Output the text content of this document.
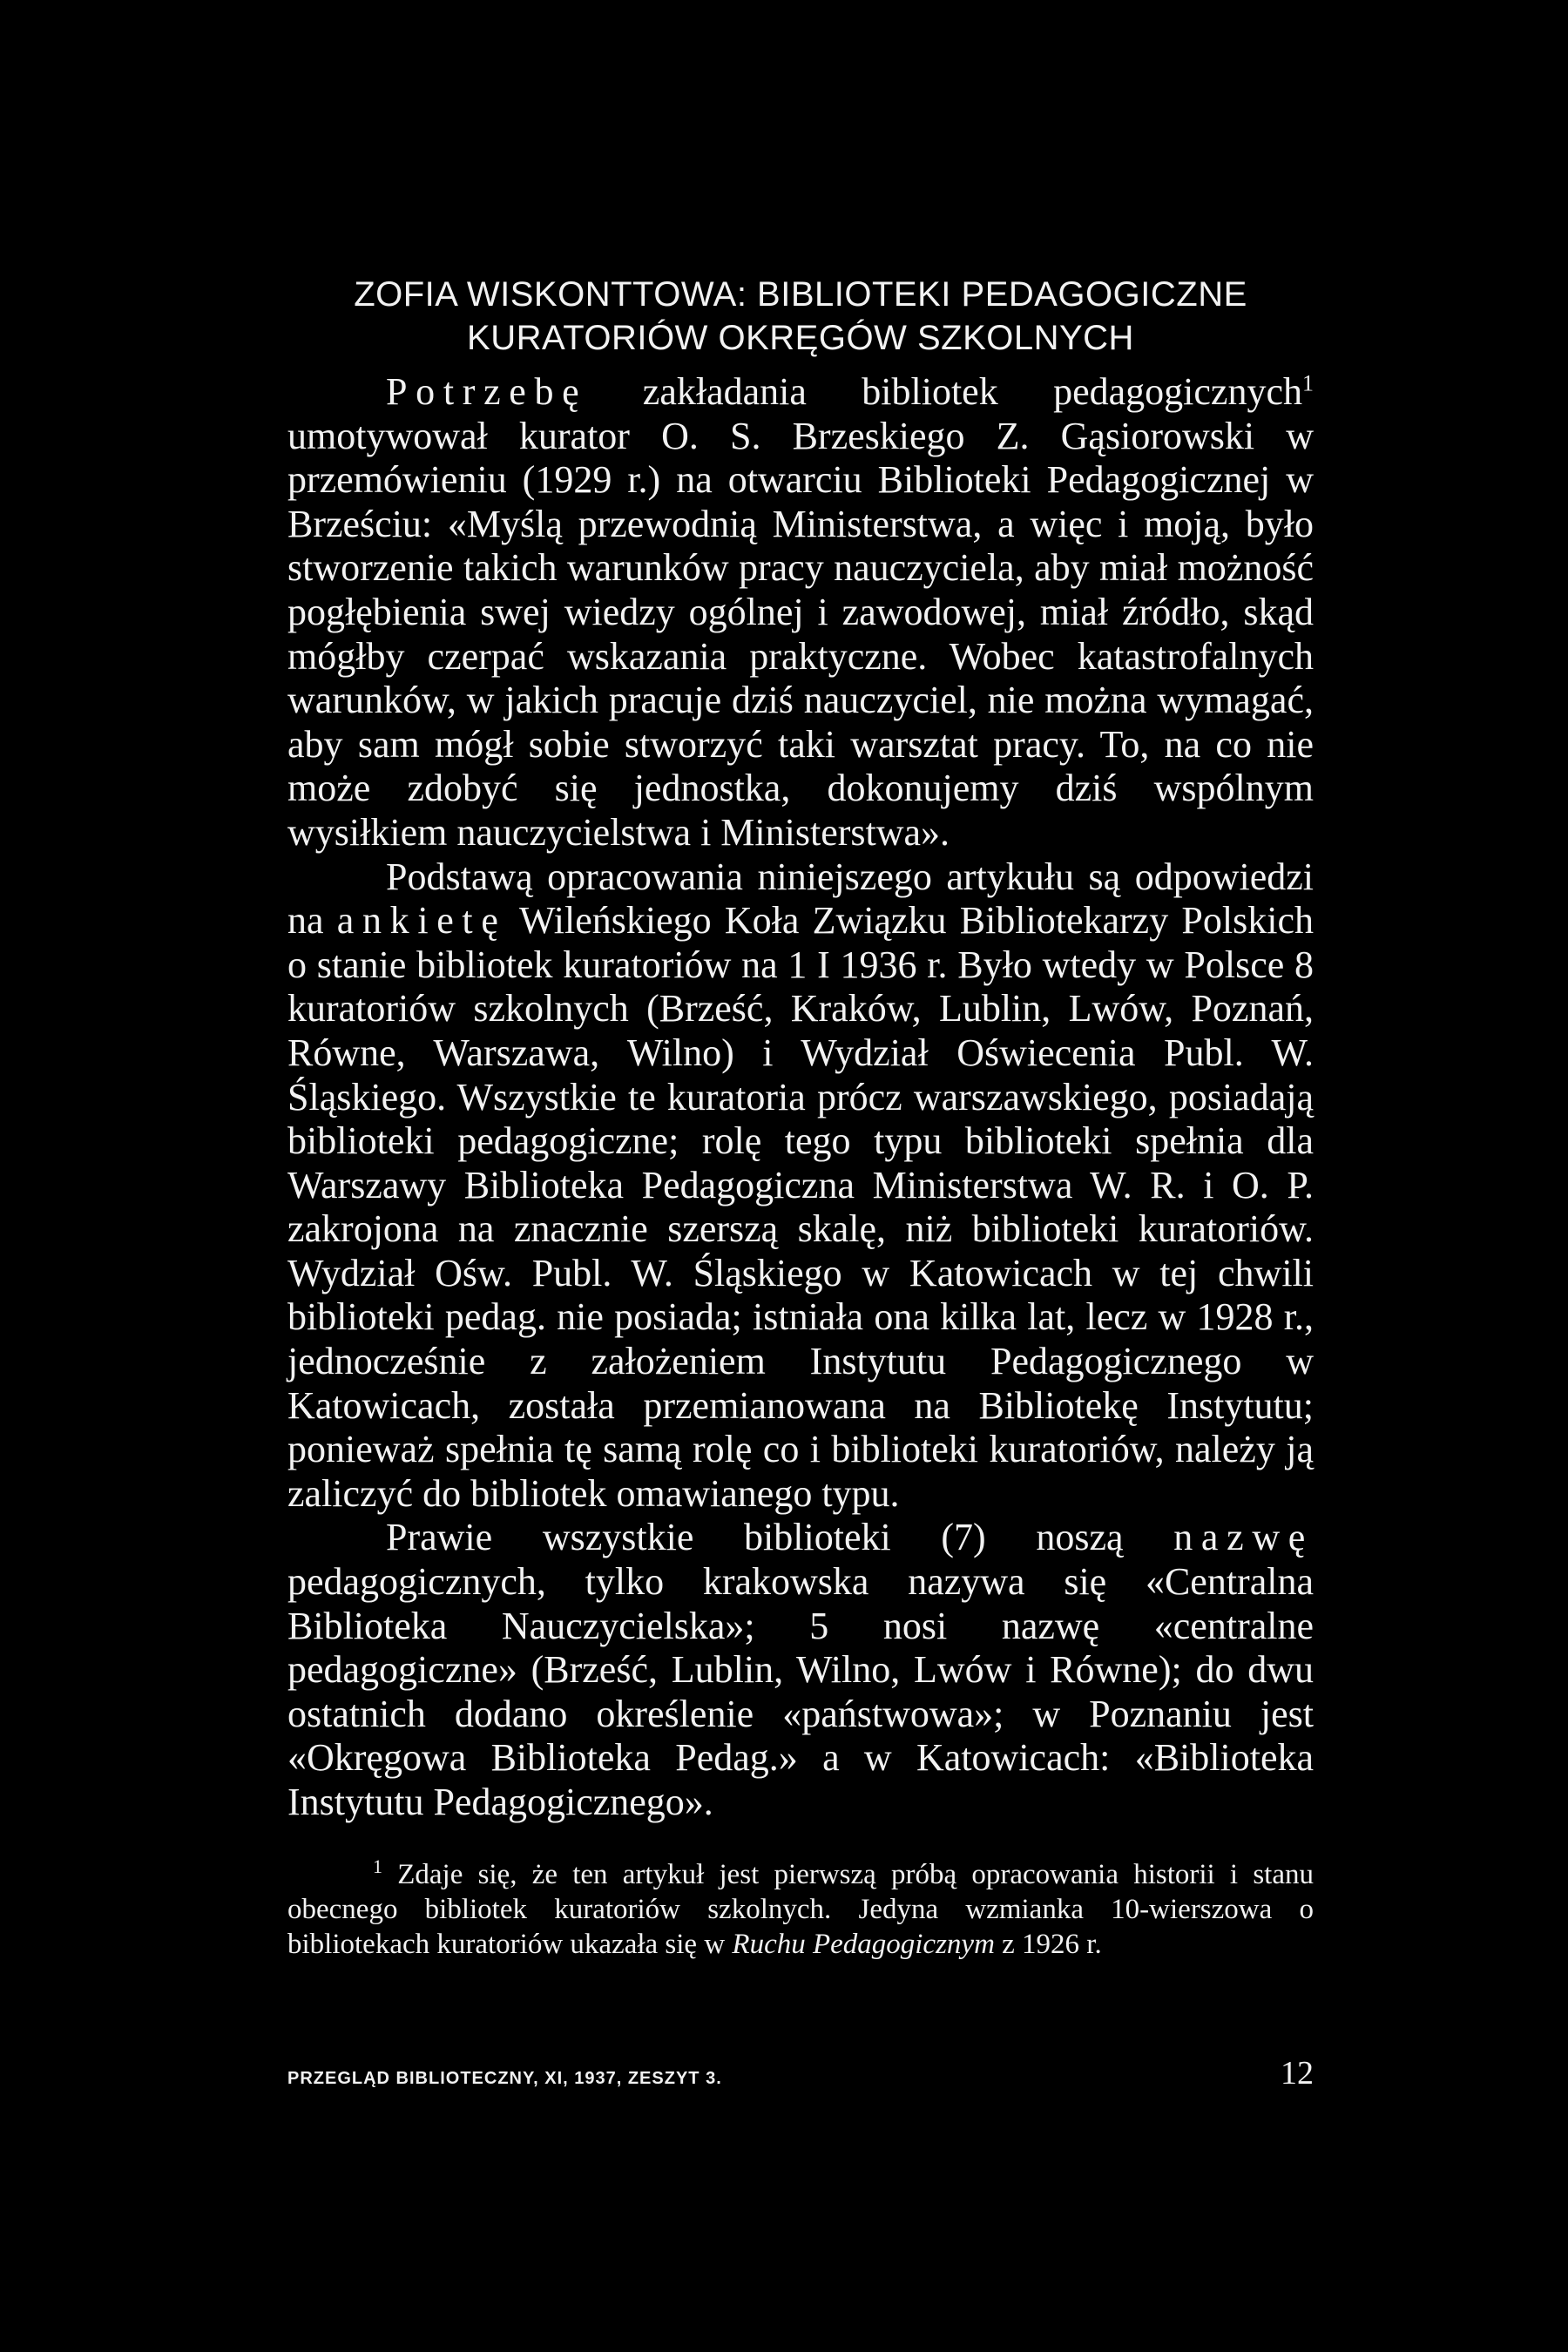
ZOFIA WISKONTTOWA: BIBLIOTEKI PEDAGOGICZNE
KURATORIÓW OKRĘGÓW SZKOLNYCH

Potrzebę zakładania bibliotek pedagogicznych$^1$ umotywował kurator O. S. Brzeskiego Z. Gąsiorowski w przemówieniu (1929 r.) na otwarciu Biblioteki Pedagogicznej w Brześciu: «Myślą przewodnią Ministerstwa, a więc i moją, było stworzenie takich warunków pracy nauczyciela, aby miał możność pogłębienia swej wiedzy ogólnej i zawodowej, miał źródło, skąd mógłby czerpać wskazania praktyczne. Wobec katastrofalnych warunków, w jakich pracuje dziś nauczyciel, nie można wymagać, aby sam mógł sobie stworzyć taki warsztat pracy. To, na co nie może zdobyć się jednostka, dokonujemy dziś wspólnym wysiłkiem nauczycielstwa i Ministerstwa».

Podstawą opracowania niniejszego artykułu są odpowiedzi na ankietę Wileńskiego Koła Związku Bibliotekarzy Polskich o stanie bibliotek kuratoriów na 1 I 1936 r. Było wtedy w Polsce 8 kuratoriów szkolnych (Brześć, Kraków, Lublin, Lwów, Poznań, Równe, Warszawa, Wilno) i Wydział Oświecenia Publ. W. Śląskiego. Wszystkie te kuratoria prócz warszawskiego, posiadają biblioteki pedagogiczne; rolę tego typu biblioteki spełnia dla Warszawy Biblioteka Pedagogiczna Ministerstwa W. R. i O. P. zakrojona na znacznie szerszą skalę, niż biblioteki kuratoriów. Wydział Ośw. Publ. W. Śląskiego w Katowicach w tej chwili biblioteki pedag. nie posiada; istniała ona kilka lat, lecz w 1928 r., jednocześnie z założeniem Instytutu Pedagogicznego w Katowicach, została przemianowana na Bibliotekę Instytutu; ponieważ spełnia tę samą rolę co i biblioteki kuratoriów, należy ją zaliczyć do bibliotek omawianego typu.

Prawie wszystkie biblioteki (7) noszą nazwę pedagogicznych, tylko krakowska nazywa się «Centralna Biblioteka Nauczycielska»; 5 nosi nazwę «centralne pedagogiczne» (Brześć, Lublin, Wilno, Lwów i Równe); do dwu ostatnich dodano określenie «państwowa»; w Poznaniu jest «Okręgowa Biblioteka Pedag.» a w Katowicach: «Biblioteka Instytutu Pedagogicznego».

$^1$ Zdaje się, że ten artykuł jest pierwszą próbą opracowania historii i stanu obecnego bibliotek kuratoriów szkolnych. Jedyna wzmianka 10-wierszowa o bibliotekach kuratoriów ukazała się w Ruchu Pedagogicznym z 1926 r.

PRZEGLĄD BIBLIOTECZNY, XI, 1937, ZESZYT 3.	12
